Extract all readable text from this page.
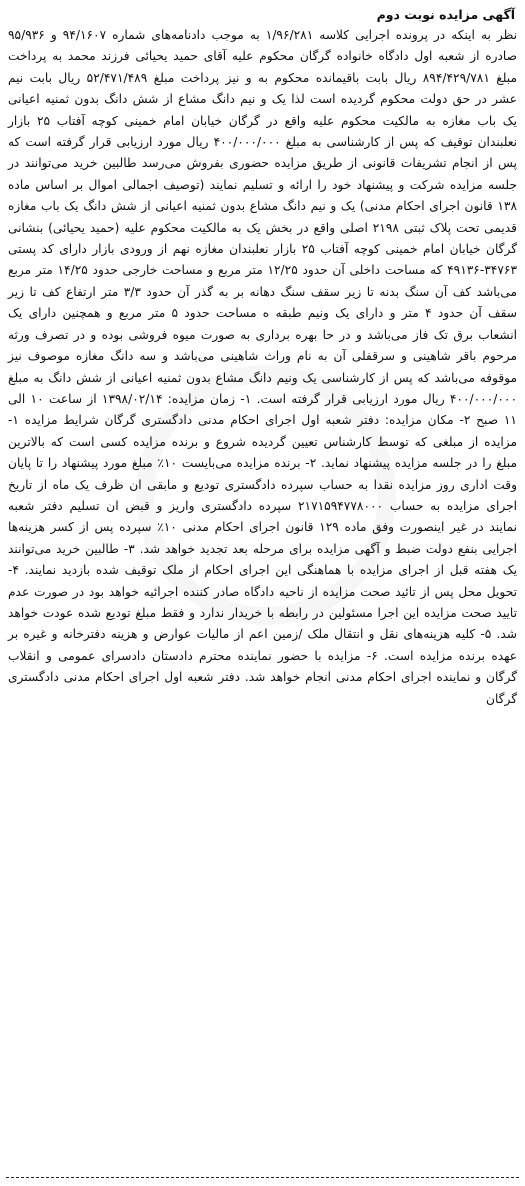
آگهی مزایده نوبت دوم

نظر به اینکه در پرونده اجرایی کلاسه ۱/۹۶/۲۸۱ به موجب دادنامه‌های شماره ۹۴/۱۶۰۷ و ۹۵/۹۳۶ صادره از شعبه اول دادگاه خانواده گرگان محکوم علیه آقای حمید یحیائی فرزند محمد به پرداخت مبلغ ۸۹۴/۴۲۹/۷۸۱ ریال بابت باقیمانده محکوم به و نیز پرداخت مبلغ ۵۲/۴۷۱/۴۸۹ ریال بابت نیم عشر در حق دولت محکوم گردیده است لذا یک و نیم دانگ مشاع از شش دانگ بدون ثمنیه اعیانی یک باب مغازه به مالکیت محکوم علیه واقع در گرگان خیابان امام خمینی کوچه آفتاب ۲۵ بازار نعلبندان توقیف که پس از کارشناسی به مبلغ ۴۰۰/۰۰۰/۰۰۰ ریال مورد ارزیابی قرار گرفته است که پس از انجام تشریفات قانونی از طریق مزایده حضوری بفروش می‌رسد طالبین خرید می‌توانند در جلسه مزایده شرکت و پیشنهاد خود را ارائه و تسلیم نمایند (توصیف اجمالی اموال بر اساس ماده ۱۳۸ قانون اجرای احکام مدنی) یک و نیم دانگ مشاع بدون ثمنیه اعیانی از شش دانگ یک باب مغازه قدیمی تحت پلاک ثبتی ۲۱۹۸ اصلی واقع در بخش یک به مالکیت محکوم علیه (حمید یحیائی) بنشانی گرگان خیابان امام خمینی کوچه آفتاب ۲۵ بازار نعلبندان مغازه نهم از ورودی بازار دارای کد پستی ۳۴۷۶۳-۴۹۱۳۶ که مساحت داخلی آن حدود ۱۲/۲۵ متر مربع و مساحت خارجی حدود ۱۴/۲۵ متر مربع می‌باشد کف آن سنگ بدنه تا زیر سقف سنگ دهانه بر به گذر آن حدود ۳/۳ متر ارتفاع کف تا زیر سقف آن حدود ۴ متر و دارای یک ونیم طبقه ه مساحت حدود ۵ متر مربع و همچنین دارای یک انشعاب برق تک فاز می‌باشد و در حا بهره برداری به صورت میوه فروشی بوده و در تصرف ورثه مرحوم باقر شاهینی و سرقفلی آن به نام وراث شاهینی می‌باشد و سه دانگ مغازه موصوف نیز موقوفه می‌باشد که پس از کارشناسی یک ونیم دانگ مشاع بدون ثمنیه اعیانی از شش دانگ به مبلغ ۴۰۰/۰۰۰/۰۰۰ ریال مورد ارزیابی قرار گرفته است. ۱- زمان مزایده: ۱۳۹۸/۰۲/۱۴ از ساعت ۱۰ الی ۱۱ صبح ۲- مکان مزایده: دفتر شعبه اول اجرای احکام مدنی دادگستری گرگان شرایط مزایده ۱- مزایده از مبلغی که توسط کارشناس تعیین گردیده شروع و برنده مزایده کسی است که بالاترین مبلغ را در جلسه مزایده پیشنهاد نماید. ۲- برنده مزایده می‌بایست ۱۰٪ مبلغ مورد پیشنهاد را تا پایان وقت اداری روز مزایده نقدا به حساب سپرده دادگستری تودیع و مابقی ان ظرف یک ماه از تاریخ اجرای مزایده به حساب ۲۱۷۱۵۹۴۷۷۸۰۰۰ سپرده دادگستری واریز و قبض ان تسلیم دفتر شعبه نمایند در غیر اینصورت وفق ماده ۱۲۹ قانون اجرای احکام مدنی ۱۰٪ سپرده پس از کسر هزینه‌ها اجرایی بنفع دولت ضبط و آگهی مزایده برای مرحله بعد تجدید خواهد شد. ۳- طالبین خرید می‌توانند یک هفته قبل از اجرای مزایده با هماهنگی این اجرای احکام از ملک توقیف شده بازدید نمایند. ۴- تحویل محل پس از تائید صحت مزایده از ناحیه دادگاه صادر کننده اجرائیه خواهد بود در صورت عدم تایید صحت مزایده این اجرا مسئولین در رابطه با خریدار ندارد و فقط مبلغ تودیع شده عودت خواهد شد. ۵- کلیه هزینه‌های نقل و انتقال ملک /زمین اعم از مالیات عوارض و هزینه دفترخانه و غیره بر عهده برنده مزایده است. ۶- مزایده با حضور نماینده محترم دادستان دادسرای عمومی و انقلاب گرگان و نماینده اجرای احکام مدنی انجام خواهد شد. دفتر شعبه اول اجرای احکام مدنی دادگستری گرگان
